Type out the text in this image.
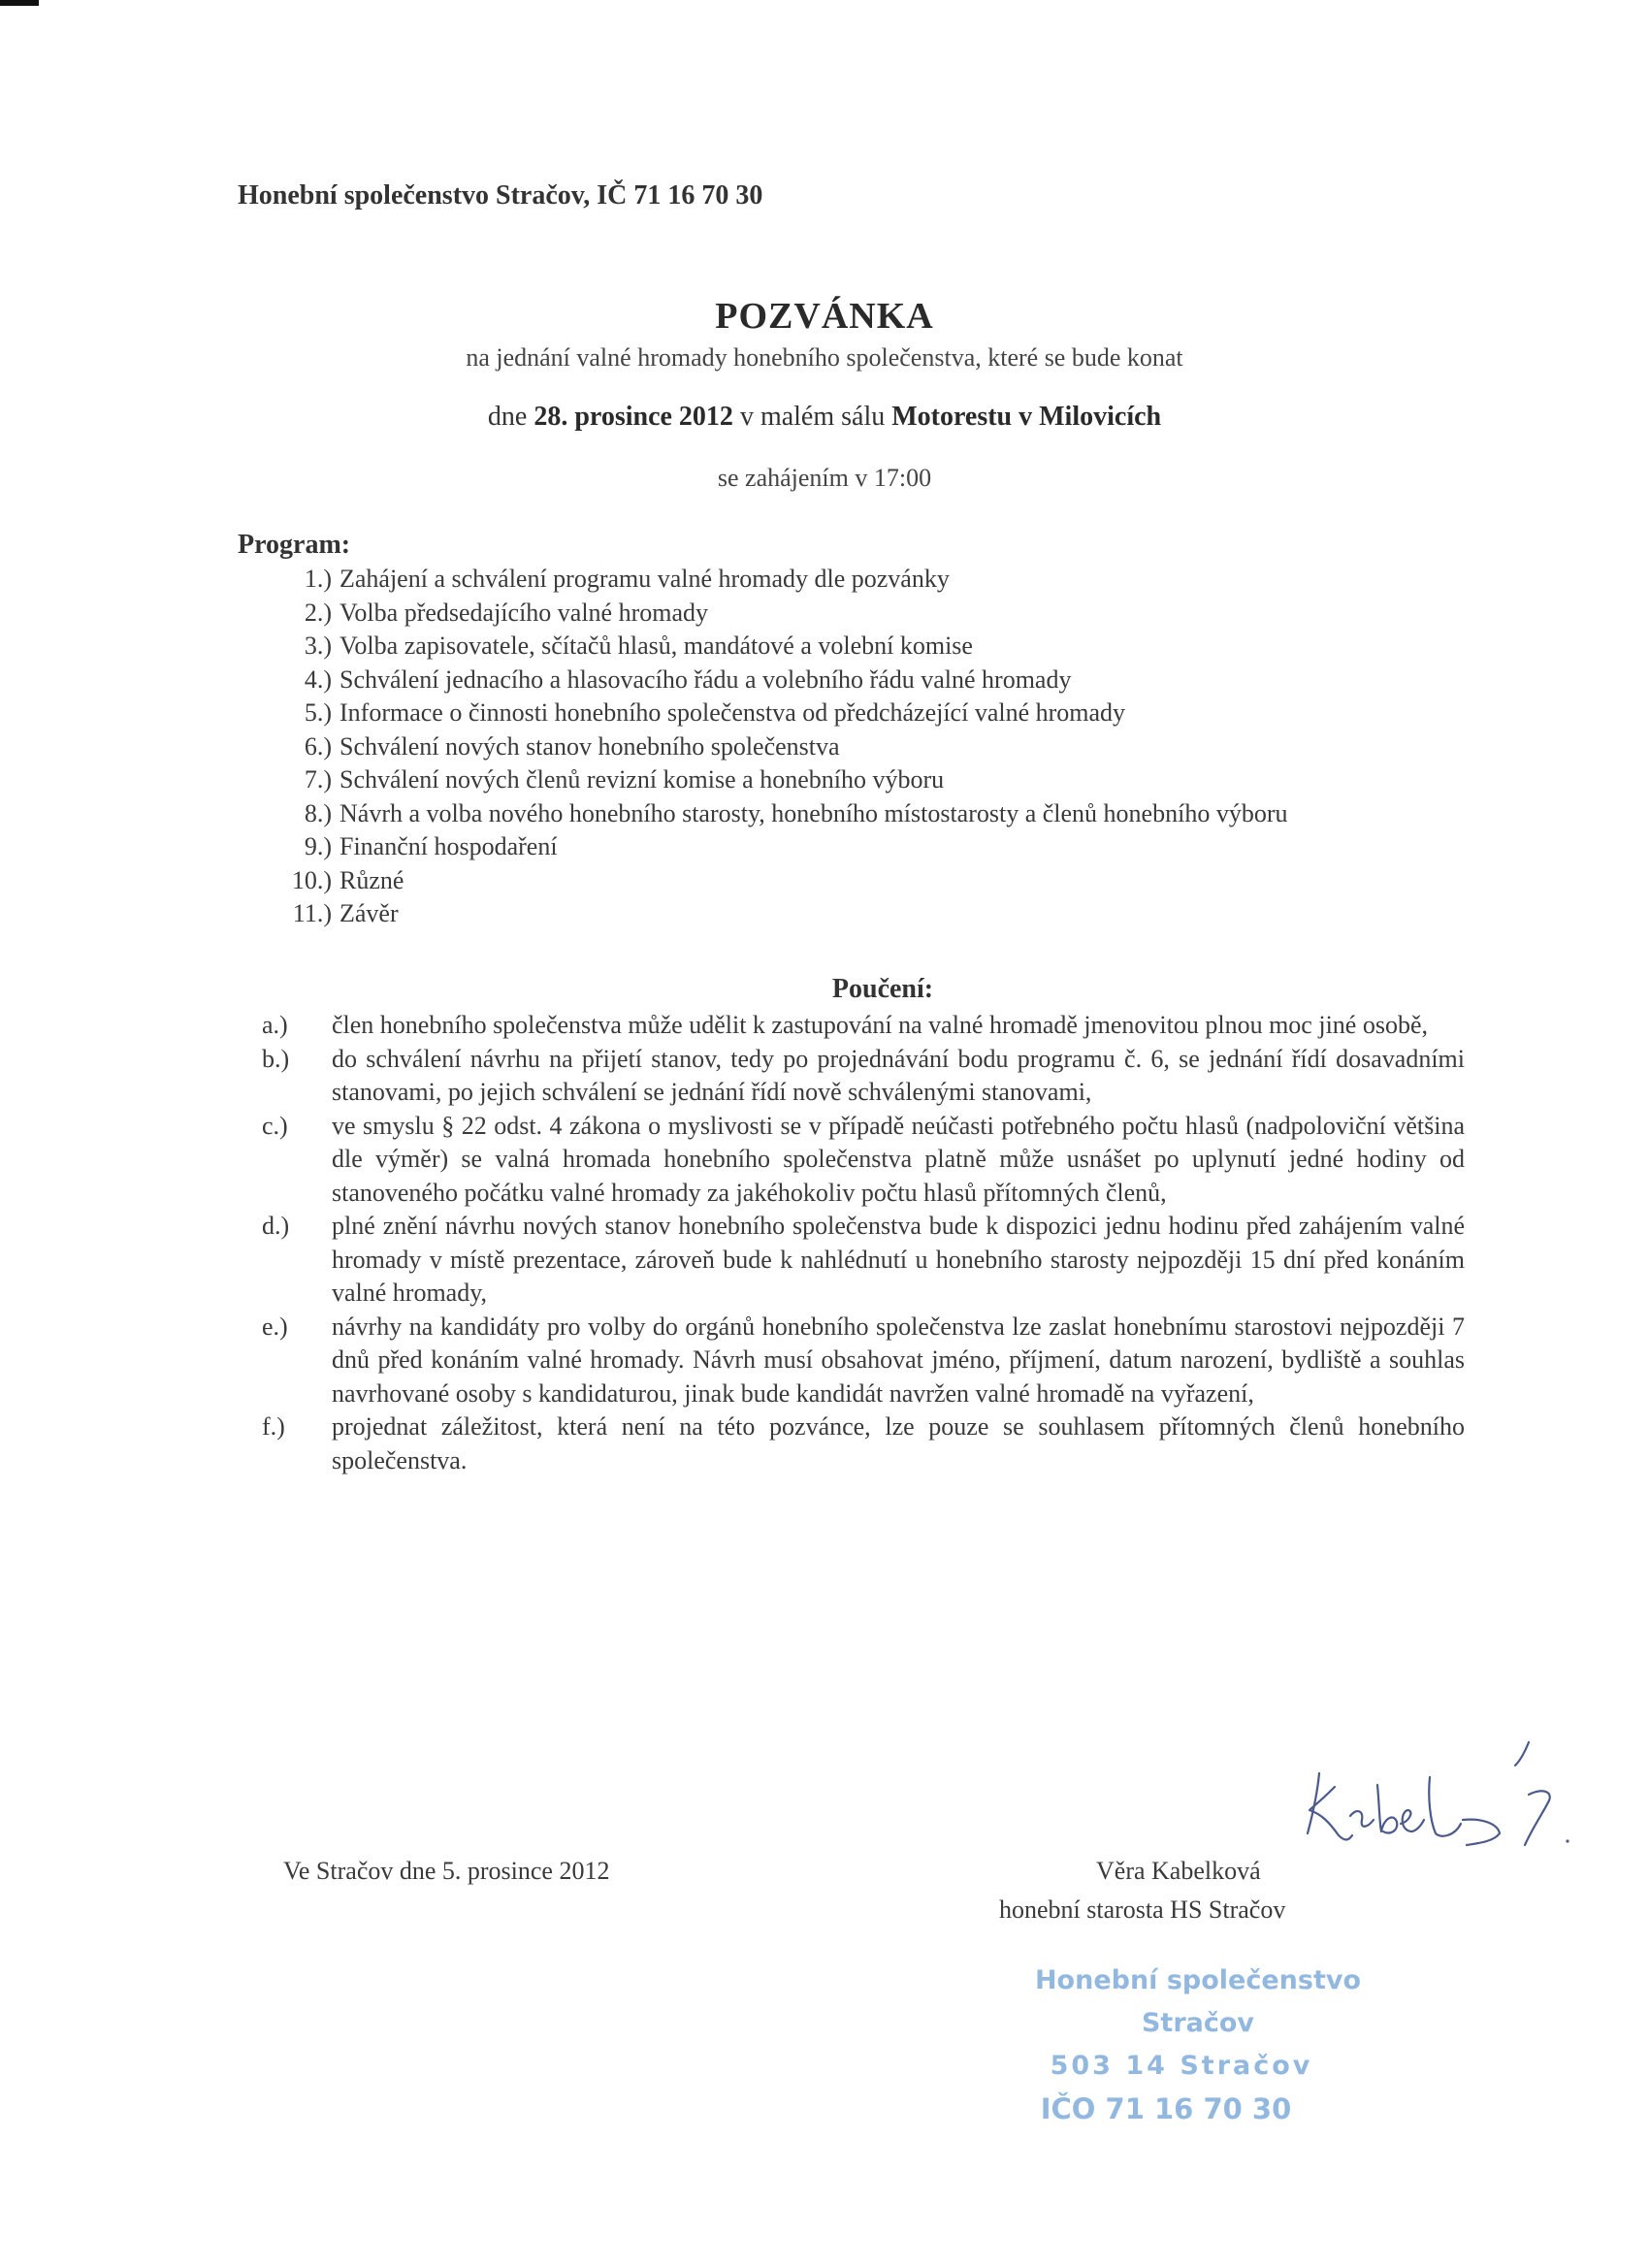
Honební společenstvo Stračov, IČ 71 16 70 30
POZVÁNKA
na jednání valné hromady honebního společenstva, které se bude konat
dne 28. prosince 2012 v malém sálu Motorestu v Milovicích
se zahájením v 17:00
Program:
1.) Zahájení a schválení programu valné hromady dle pozvánky
2.) Volba předsedajícího valné hromady
3.) Volba zapisovatele, sčítačů hlasů, mandátové a volební komise
4.) Schválení jednacího a hlasovacího řádu a volebního řádu valné hromady
5.) Informace o činnosti honebního společenstva od předcházející valné hromady
6.) Schválení nových stanov honebního společenstva
7.) Schválení nových členů revizní komise a honebního výboru
8.) Návrh a volba nového honebního starosty, honebního místostarosty a členů honebního výboru
9.) Finanční hospodaření
10.) Různé
11.) Závěr
Poučení:
a.)	člen honebního společenstva může udělit k zastupování na valné hromadě jmenovitou plnou moc jiné osobě,
b.)	do schválení návrhu na přijetí stanov, tedy po projednávání bodu programu č. 6, se jednání řídí dosavadními stanovami, po jejich schválení se jednání řídí nově schválenými stanovami,
c.)	ve smyslu § 22 odst. 4 zákona o myslivosti se v případě neúčasti potřebného počtu hlasů (nadpoloviční většina dle výměr) se valná hromada honebního společenstva platně může usnášet po uplynutí jedné hodiny od stanoveného počátku valné hromady za jakéhokoliv počtu hlasů přítomných členů,
d.)	plné znění návrhu nových stanov honebního společenstva bude k dispozici jednu hodinu před zahájením valné hromady v místě prezentace, zároveň bude k nahlédnutí u honebního starosty nejpozději 15 dní před konáním valné hromady,
e.)	návrhy na kandidáty pro volby do orgánů honebního společenstva lze zaslat honebnímu starostovi nejpozději 7 dnů před konáním valné hromady. Návrh musí obsahovat jméno, příjmení, datum narození, bydliště a souhlas navrhované osoby s kandidaturou, jinak bude kandidát navržen valné hromadě na vyřazení,
f.)	projednat záležitost, která není na této pozvánce, lze pouze se souhlasem přítomných členů honebního společenstva.
Ve Stračov dne 5. prosince 2012	Věra Kabelková
honební starosta HS Stračov
Honební společenstvo Stračov
503 14 Stračov
IČO 71 16 70 30
